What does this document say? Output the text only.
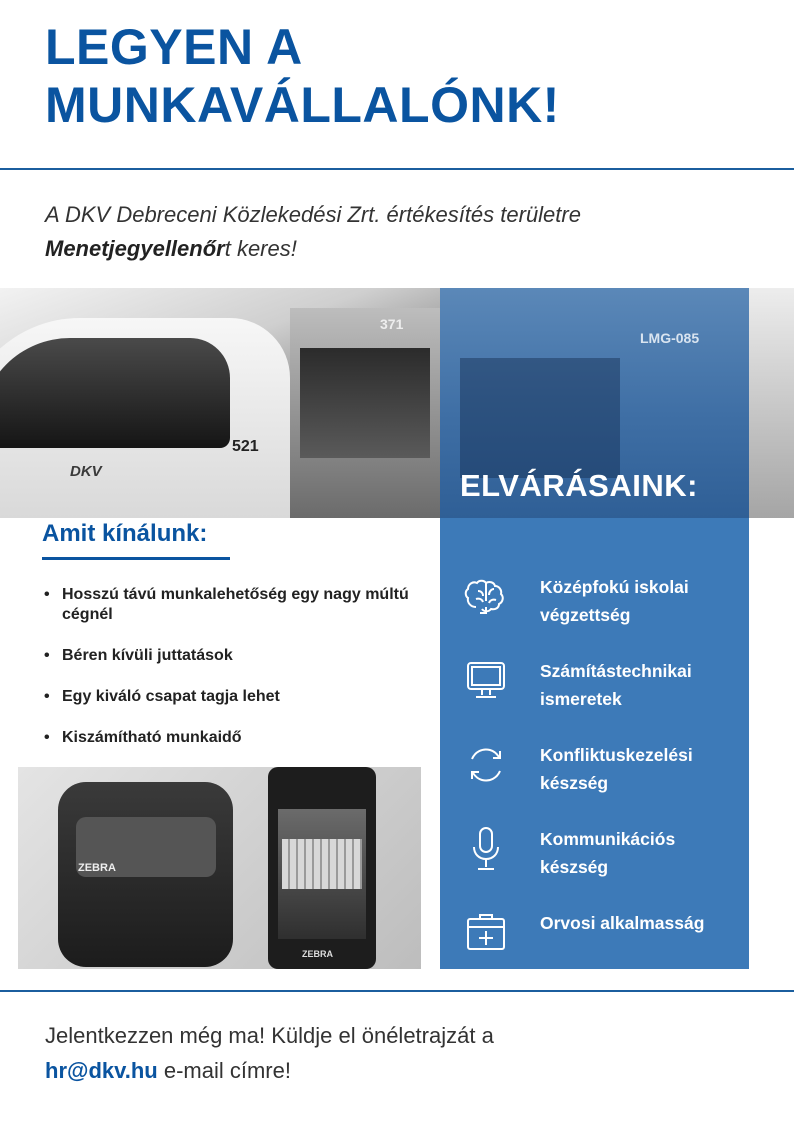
LEGYEN A
MUNKAVÁLLALÓNK!
A DKV Debreceni Közlekedési Zrt. értékesítés területre
Menetjegyellenőrt keres!
371
DKV
521
LMG-085
ELVÁRÁSAINK:
Középfokú iskolai végzettség
Számítástechnikai ismeretek
Konfliktuskezelési készség
Kommunikációs készség
Orvosi alkalmasság
Amit kínálunk:
• Hosszú távú munkalehetőség egy nagy múltú cégnél
• Béren kívüli juttatások
• Egy kiváló csapat tagja lehet
• Kiszámítható munkaidő
ZEBRA
ZEBRA
Jelentkezzen még ma! Küldje el önéletrajzát a
hr@dkv.hu e-mail címre!
